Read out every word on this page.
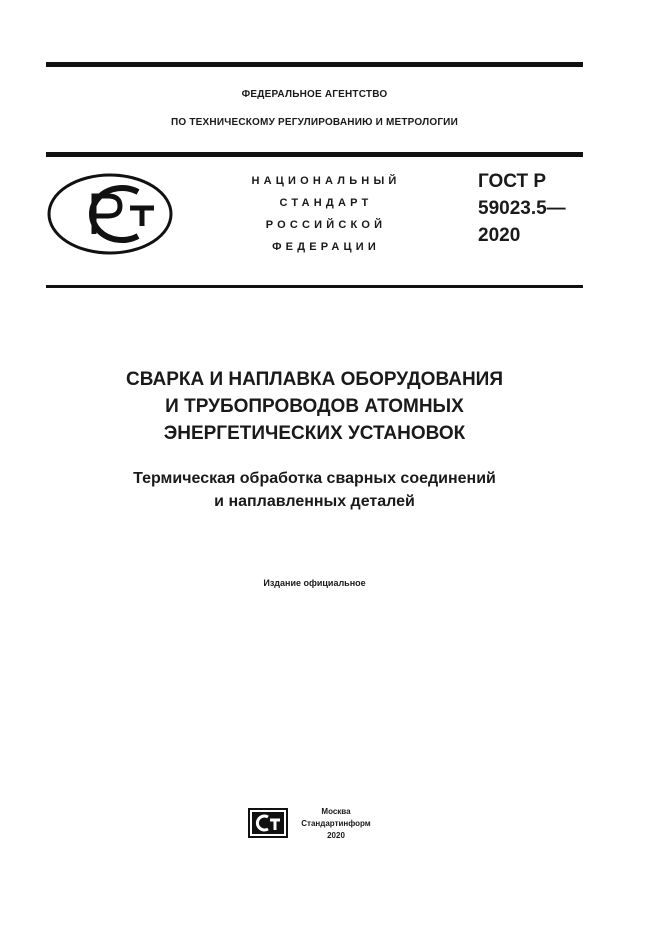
ФЕДЕРАЛЬНОЕ АГЕНТСТВО
ПО ТЕХНИЧЕСКОМУ РЕГУЛИРОВАНИЮ И МЕТРОЛОГИИ
НАЦИОНАЛЬНЫЙ
СТАНДАРТ
РОССИЙСКОЙ
ФЕДЕРАЦИИ
ГОСТ Р
59023.5—
2020
СВАРКА И НАПЛАВКА ОБОРУДОВАНИЯ
И ТРУБОПРОВОДОВ АТОМНЫХ
ЭНЕРГЕТИЧЕСКИХ УСТАНОВОК
Термическая обработка сварных соединений
и наплавленных деталей
Издание официальное
Москва
Стандартинформ
2020
